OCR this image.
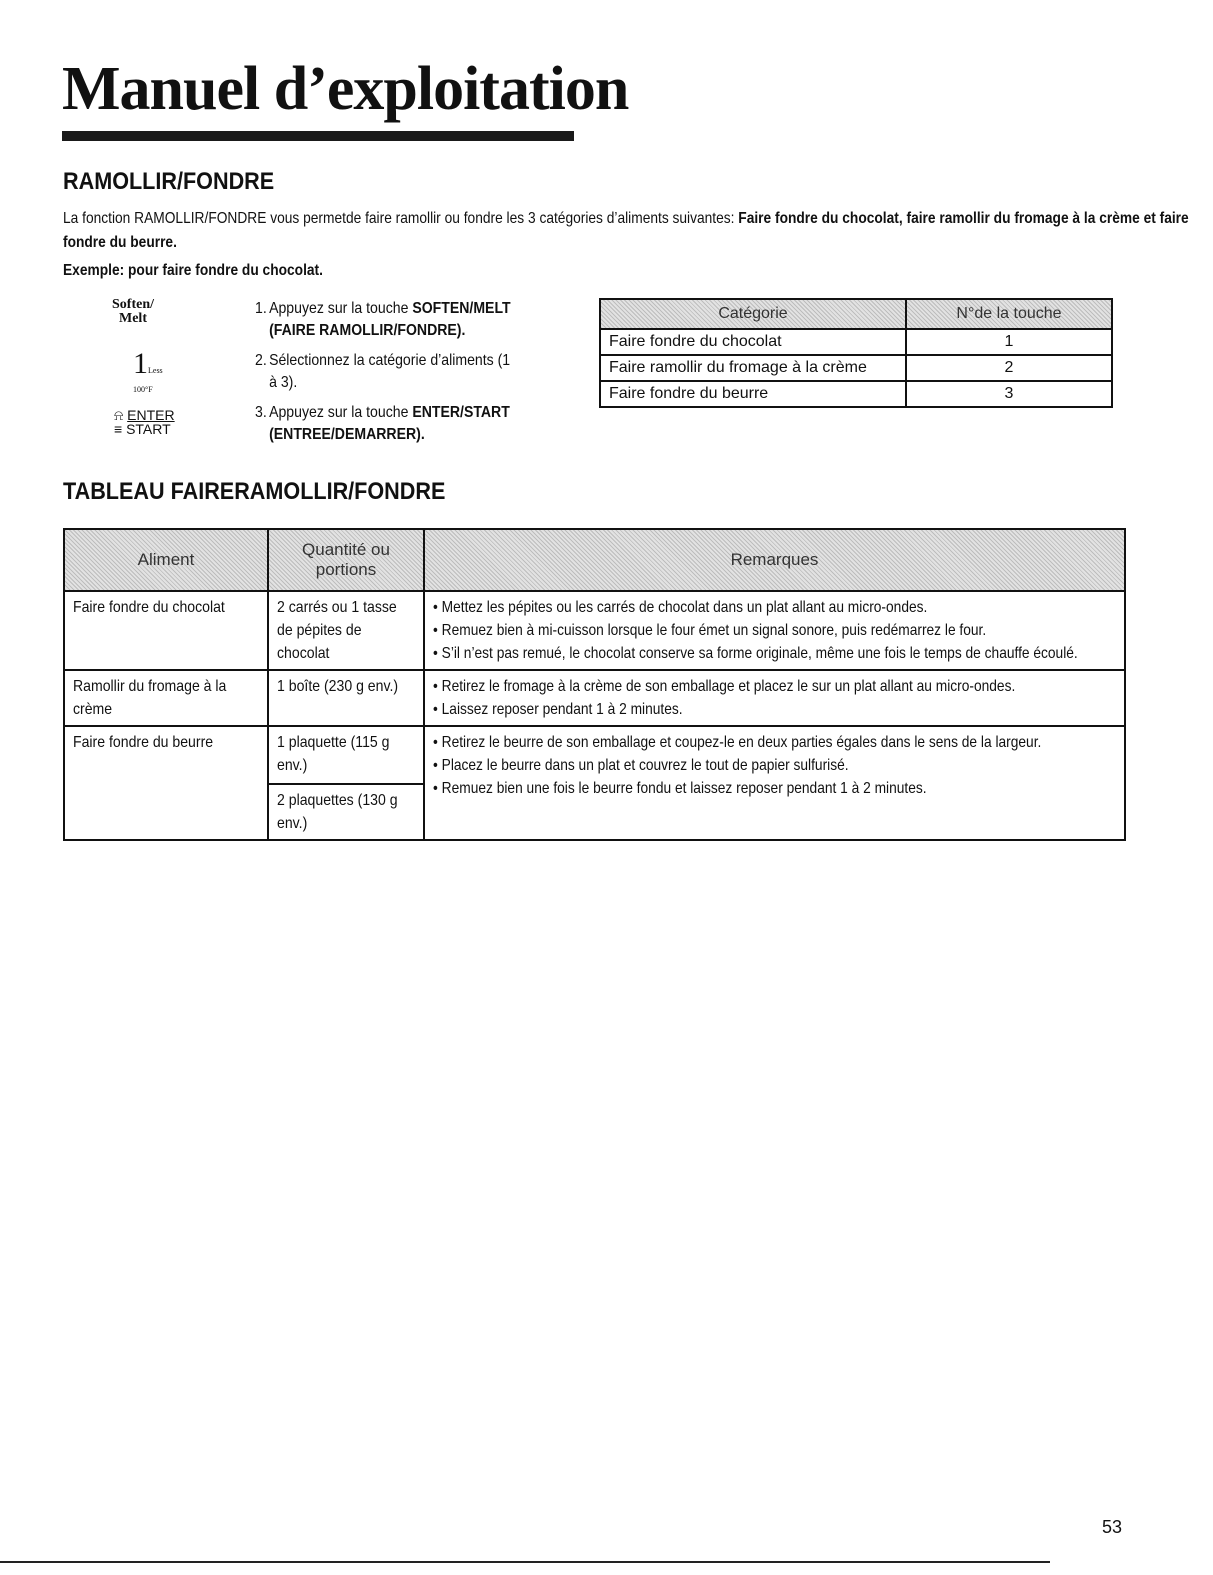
Manuel d’exploitation
RAMOLLIR/FONDRE
La fonction RAMOLLIR/FONDRE vous permetde faire ramollir ou fondre les 3 catégories d’aliments suivantes: Faire fondre du chocolat, faire ramollir du fromage à la crème et faire fondre du beurre.
Exemple: pour faire fondre du chocolat.
Soften/
Melt
1Less
100°F
⍾ ENTER
≡ START
1. Appuyez sur la touche SOFTEN/MELT
(FAIRE RAMOLLIR/FONDRE).
2. Sélectionnez la catégorie d’aliments (1
à 3).
3. Appuyez sur la touche ENTER/START
(ENTREE/DEMARRER).
Catégorie	N°de la touche
Faire fondre du chocolat	1
Faire ramollir du fromage à la crème	2
Faire fondre du beurre	3
TABLEAU FAIRERAMOLLIR/FONDRE
Aliment	Quantité ou portions	Remarques

Faire fondre du chocolat	2 carrés ou 1 tasse de pépites de chocolat	• Mettez les pépites ou les carrés de chocolat dans un plat allant au micro-ondes.
• Remuez bien à mi-cuisson lorsque le four émet un signal sonore, puis redémarrez le four.
• S’il n’est pas remué, le chocolat conserve sa forme originale, même une fois le temps de chauffe écoulé.

Ramollir du fromage à la crème	1 boîte (230 g env.)	• Retirez le fromage à la crème de son emballage et placez le sur un plat allant au micro-ondes.
• Laissez reposer pendant 1 à 2 minutes.

Faire fondre du beurre	1 plaquette (115 g env.)
2 plaquettes (130 g env.)	• Retirez le beurre de son emballage et coupez-le en deux parties égales dans le sens de la largeur.
• Placez le beurre dans un plat et couvrez le tout de papier sulfurisé.
• Remuez bien une fois le beurre fondu et laissez reposer pendant 1 à 2 minutes.
53
